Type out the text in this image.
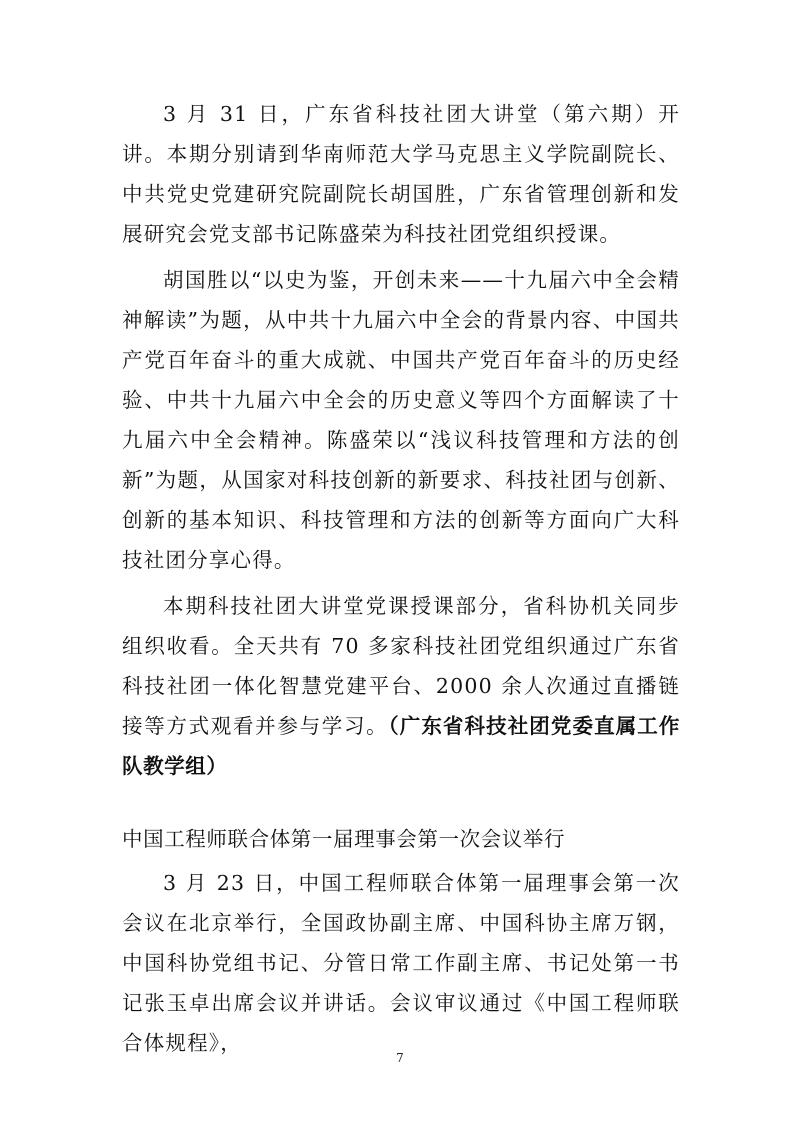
3 月 31 日，广东省科技社团大讲堂（第六期）开讲。本期分别请到华南师范大学马克思主义学院副院长、中共党史党建研究院副院长胡国胜，广东省管理创新和发展研究会党支部书记陈盛荣为科技社团党组织授课。

胡国胜以“以史为鉴，开创未来——十九届六中全会精神解读”为题，从中共十九届六中全会的背景内容、中国共产党百年奋斗的重大成就、中国共产党百年奋斗的历史经验、中共十九届六中全会的历史意义等四个方面解读了十九届六中全会精神。陈盛荣以“浅议科技管理和方法的创新”为题，从国家对科技创新的新要求、科技社团与创新、创新的基本知识、科技管理和方法的创新等方面向广大科技社团分享心得。

本期科技社团大讲堂党课授课部分，省科协机关同步组织收看。全天共有 70 多家科技社团党组织通过广东省科技社团一体化智慧党建平台、2000 余人次通过直播链接等方式观看并参与学习。（广东省科技社团党委直属工作队教学组）

中国工程师联合体第一届理事会第一次会议举行

3 月 23 日，中国工程师联合体第一届理事会第一次会议在北京举行，全国政协副主席、中国科协主席万钢，中国科协党组书记、分管日常工作副主席、书记处第一书记张玉卓出席会议并讲话。会议审议通过《中国工程师联合体规程》，

7
